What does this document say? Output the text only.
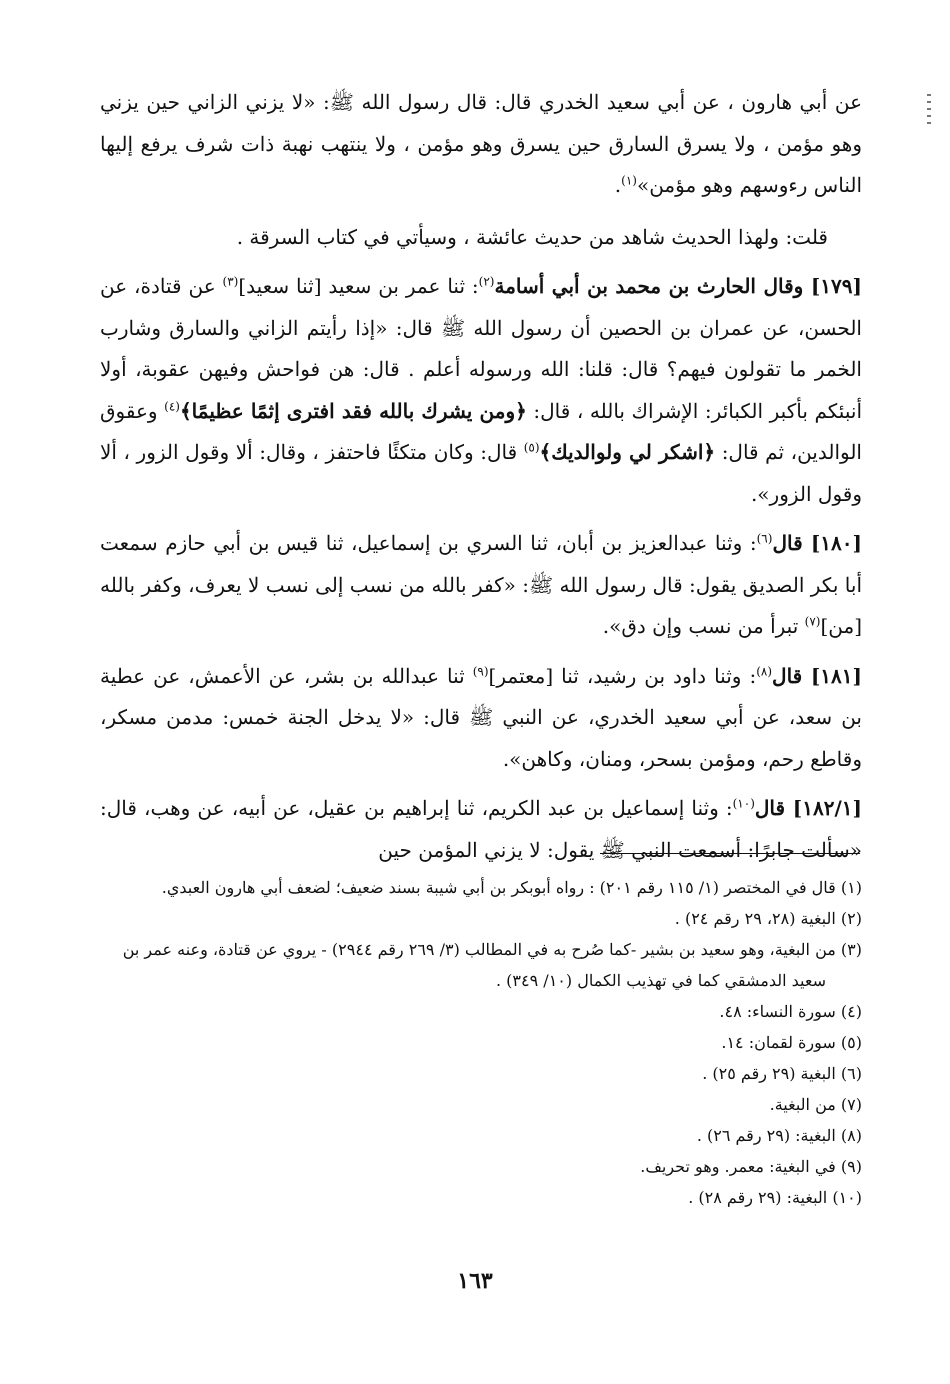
عن أبي هارون ، عن أبي سعيد الخدري قال: قال رسول الله ﷺ: «لا يزني الزاني حين يزني وهو مؤمن ، ولا يسرق السارق حين يسرق وهو مؤمن ، ولا ينتهب نهبة ذات شرف يرفع إليها الناس رءوسهم وهو مؤمن»$^{(١)}$.

قلت: ولهذا الحديث شاهد من حديث عائشة ، وسيأتي في كتاب السرقة .

[١٧٩] وقال الحارث بن محمد بن أبي أسامة$^{(٢)}$: ثنا عمر بن سعيد [ثنا سعيد]$^{(٣)}$ عن قتادة، عن الحسن، عن عمران بن الحصين أن رسول الله ﷺ قال: «إذا رأيتم الزاني والسارق وشارب الخمر ما تقولون فيهم؟ قال: قلنا: الله ورسوله أعلم . قال: هن فواحش وفيهن عقوبة، أولا أنبئكم بأكبر الكبائر: الإشراك بالله ، قال: ﴿ومن يشرك بالله فقد افترى إثمًا عظيمًا﴾$^{(٤)}$ وعقوق الوالدين، ثم قال: ﴿اشكر لي ولوالديك﴾$^{(٥)}$ قال: وكان متكئًا فاحتفز ، وقال: ألا وقول الزور ، ألا وقول الزور».

[١٨٠] قال$^{(٦)}$: وثنا عبدالعزيز بن أبان، ثنا السري بن إسماعيل، ثنا قيس بن أبي حازم سمعت أبا بكر الصديق يقول: قال رسول الله ﷺ: «كفر بالله من نسب إلى نسب لا يعرف، وكفر بالله [من]$^{(٧)}$ تبرأ من نسب وإن دق».

[١٨١] قال$^{(٨)}$: وثنا داود بن رشيد، ثنا [معتمر]$^{(٩)}$ ثنا عبدالله بن بشر، عن الأعمش، عن عطية بن سعد، عن أبي سعيد الخدري، عن النبي ﷺ قال: «لا يدخل الجنة خمس: مدمن مسكر، وقاطع رحم، ومؤمن بسحر، ومنان، وكاهن».

[١٨٢/١] قال$^{(١٠)}$: وثنا إسماعيل بن عبد الكريم، ثنا إبراهيم بن عقيل، عن أبيه، عن وهب، قال: «سألت جابرًا: أسمعت النبي ﷺ يقول: لا يزني المؤمن حين

(١) قال في المختصر (١/ ١١٥ رقم ٢٠١) : رواه أبوبكر بن أبي شيبة بسند ضعيف؛ لضعف أبي هارون العبدي.

(٢) البغية (٢٨، ٢٩ رقم ٢٤) .

(٣) من البغية، وهو سعيد بن بشير -كما صُرح به في المطالب (٣/ ٢٦٩ رقم ٢٩٤٤) - يروي عن قتادة، وعنه عمر بن سعيد الدمشقي كما في تهذيب الكمال (١٠/ ٣٤٩) .

(٤) سورة النساء: ٤٨.

(٥) سورة لقمان: ١٤.

(٦) البغية (٢٩ رقم ٢٥) .

(٧) من البغية.

(٨) البغية: (٢٩ رقم ٢٦) .

(٩) في البغية: معمر. وهو تحريف.

(١٠) البغية: (٢٩ رقم ٢٨) .

١٦٣
